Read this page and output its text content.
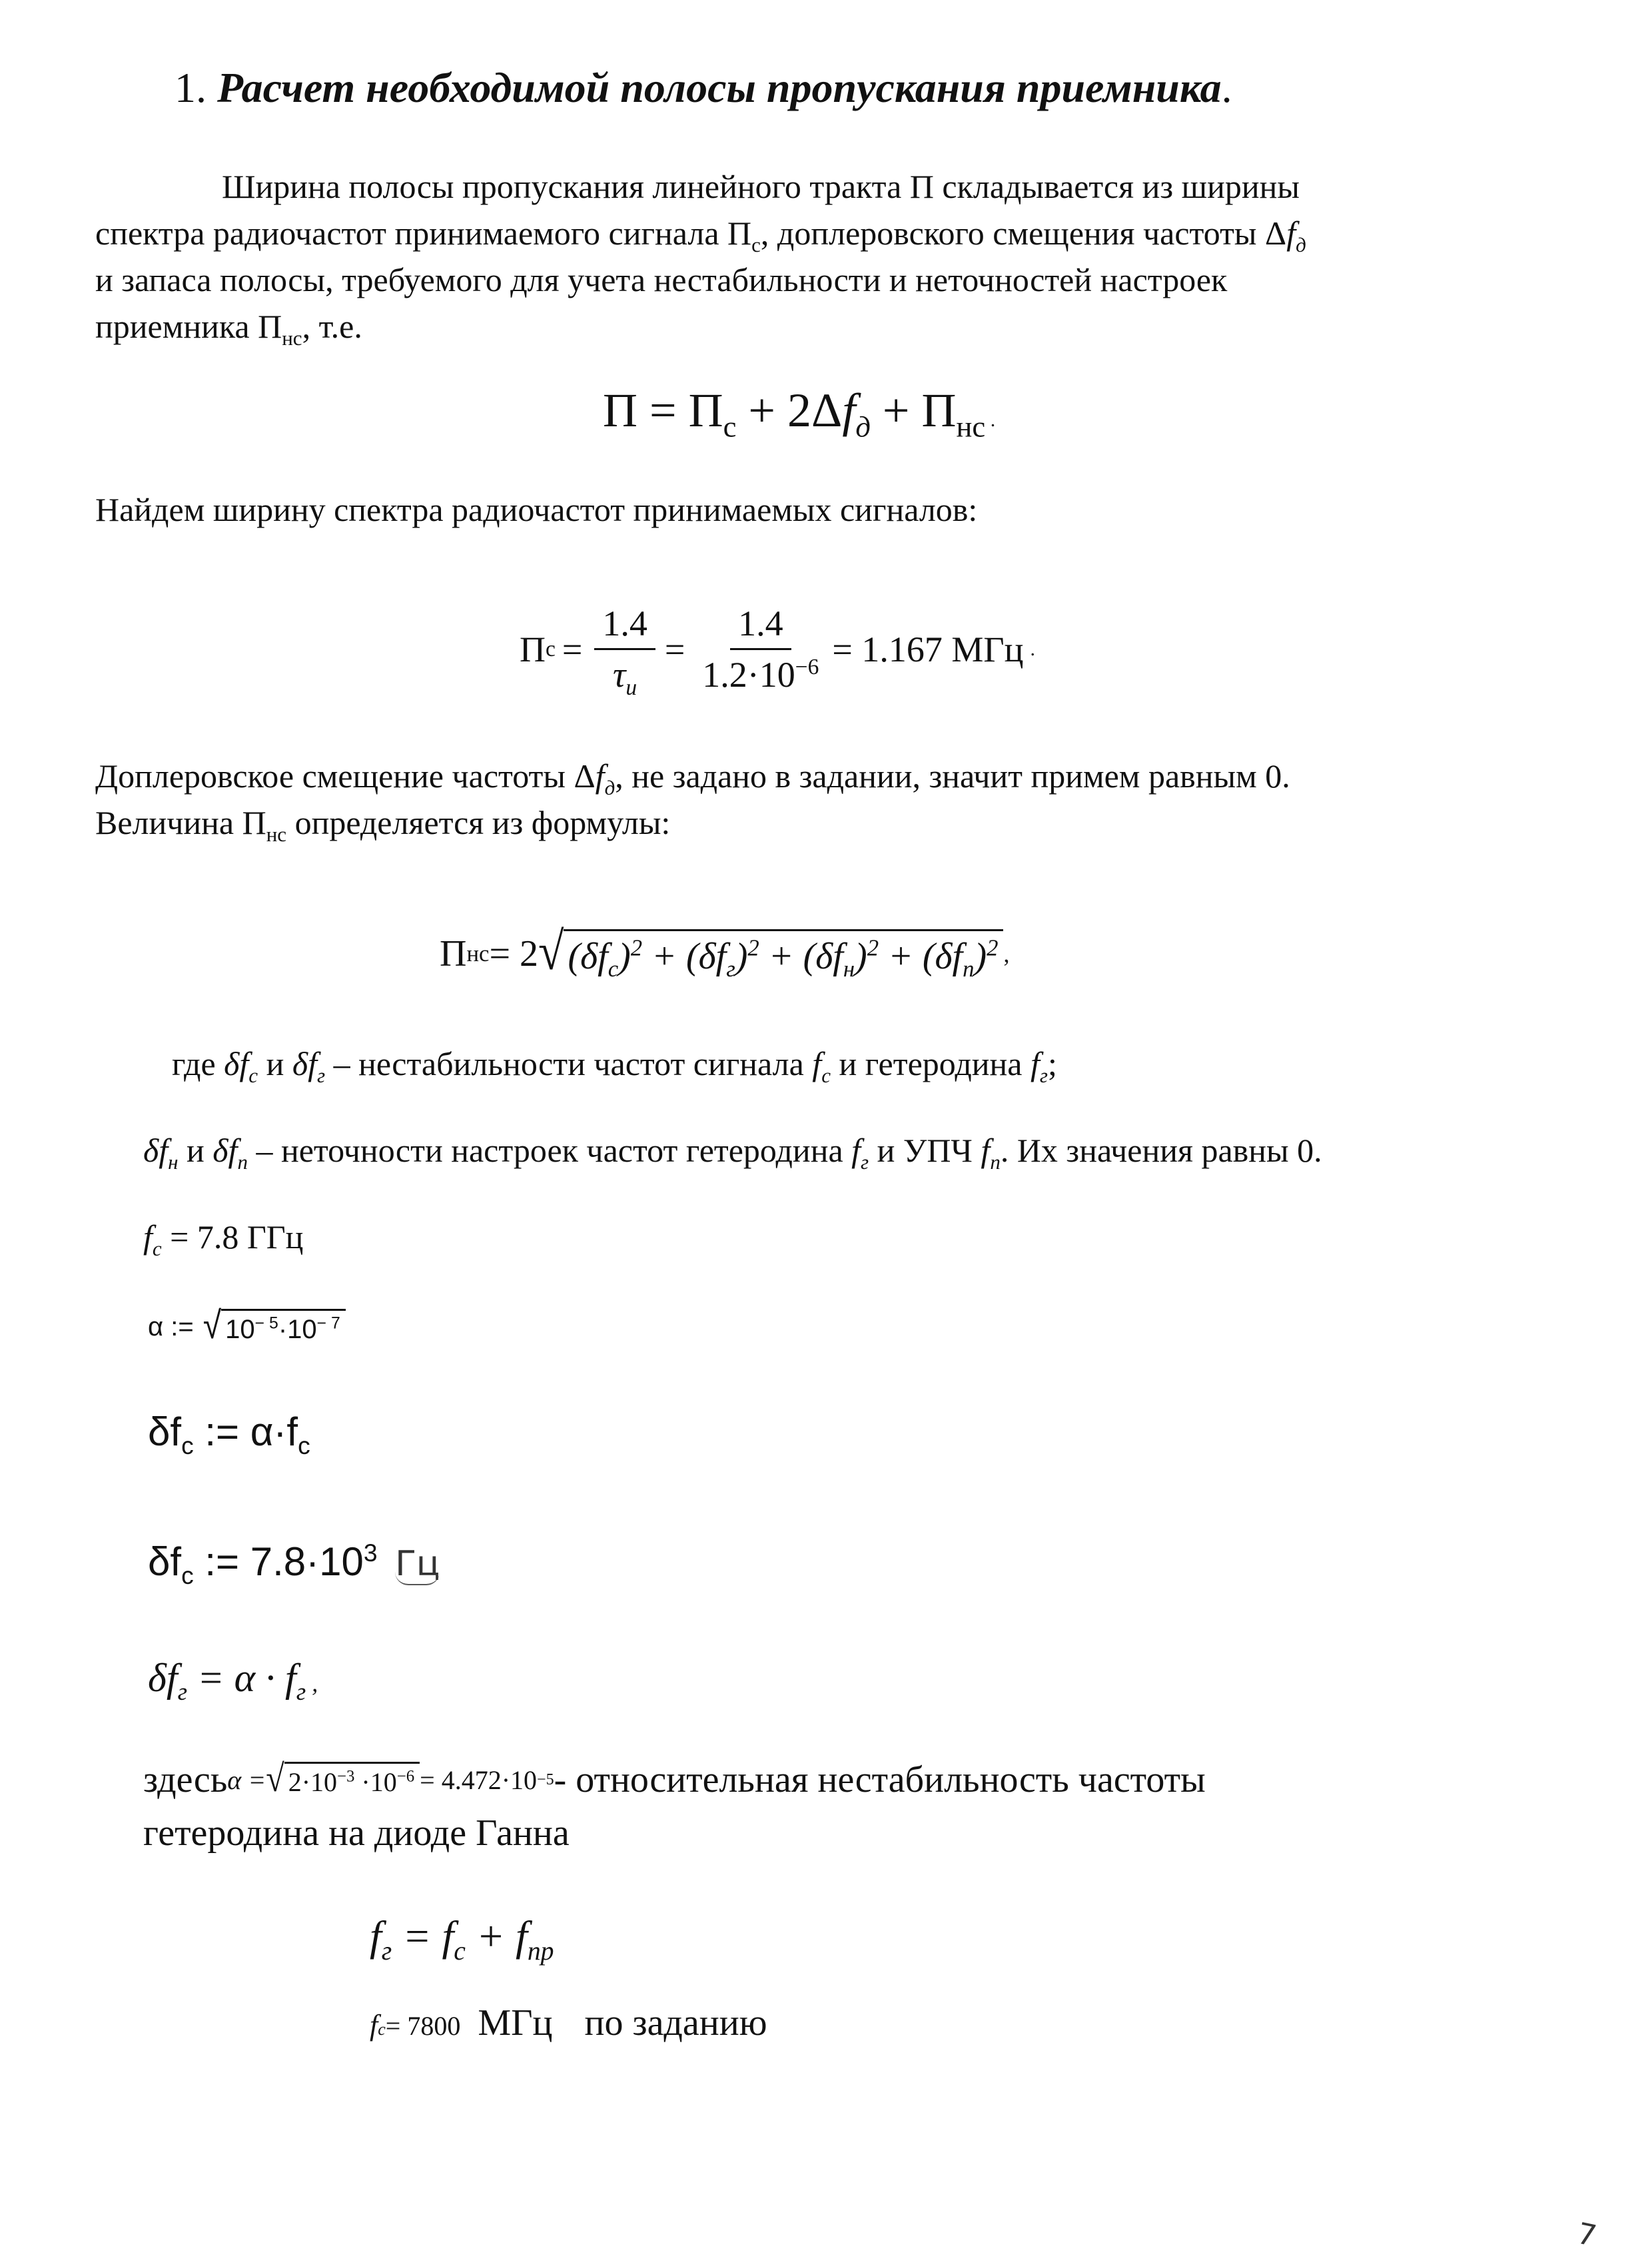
1. Расчет необходимой полосы пропускания приемника.
Ширина полосы пропускания линейного тракта П складывается из ширины
спектра радиочастот принимаемого сигнала $П_с$, доплеровского смещения частоты $\Delta f_д$
и запаса полосы, требуемого для учета нестабильности и неточностей настроек
приемника $П_{нс}$, т.е.
$П = П_с + 2\Delta f_д + П_{нс}$ .
Найдем ширину спектра радиочастот принимаемых сигналов:
П $с = \frac{1.4}{\tau_и} = \frac{1.4}{1.2\cdot 10^{-6}} = 1.167$ МГц .
Доплеровское смещение частоты $\Delta f_д$, не задано в задании, значит примем равным 0.
Величина $П_{нс}$ определяется из формулы:
П нс = 2 √ $(\delta f_с)^2 + (\delta f_г)^2 + (\delta f_н)^2 + (\delta f_п)^2$ ,
где $\delta f_с$ и $\delta f_г$ – нестабильности частот сигнала $f_с$ и гетеродина $f_г$;
$\delta f_н$ и $\delta f_п$ – неточности настроек частот гетеродина $f_г$ и УПЧ $f_п$. Их значения равны 0.
$f_с = 7.8$ ГГц
α := √ $10^{- 5}\cdot 10^{- 7}$
$\delta f_c$ := $\alpha\cdot f_c$
$\delta f_c$ := $7.8\cdot 10^3$ Гц
$\delta f_г = \alpha \cdot f_г$ ,
здесь α = √ $2\cdot 10^{-3} \cdot 10^{-6} = 4.472\cdot 10 -5$ - относительная нестабильность частоты
гетеродина на диоде Ганна
$f_г = f_с + f_{пр}$
f с = 7800 МГц по заданию
7
